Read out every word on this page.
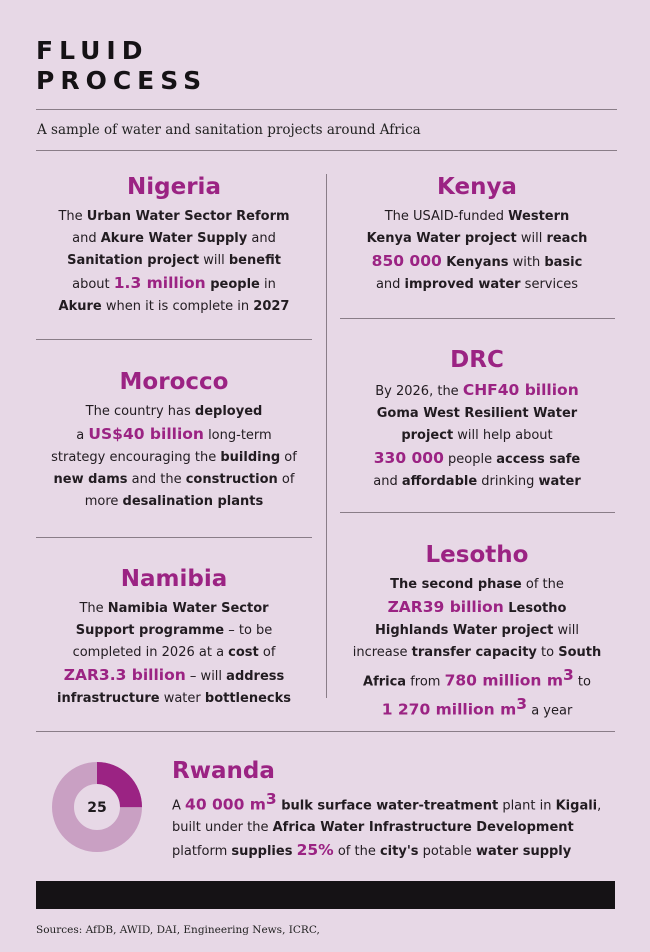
FLUID
PROCESS
A sample of water and sanitation projects around Africa
Nigeria

The Urban Water Sector Reform
and Akure Water Supply and
Sanitation project will benefit
about 1.3 million people in
Akure when it is complete in 2027

Kenya

The USAID-funded Western
Kenya Water project will reach
850 000 Kenyans with basic
and improved water services

Morocco

The country has deployed
a US$40 billion long-term
strategy encouraging the building of
new dams and the construction of
more desalination plants

DRC

By 2026, the CHF40 billion
Goma West Resilient Water
project will help about
330 000 people access safe
and affordable drinking water

Namibia

The Namibia Water Sector
Support programme – to be
completed in 2026 at a cost of
ZAR3.3 billion – will address
infrastructure water bottlenecks

Lesotho

The second phase of the
ZAR39 billion Lesotho
Highlands Water project will
increase transfer capacity to South
Africa from 780 million $m^3$ to
1 270 million $m^3$ a year

25
Rwanda

A 40 000 $m^3$ bulk surface water-treatment plant in Kigali,
built under the Africa Water Infrastructure Development
platform supplies 25% of the city's potable water supply

Sources: AfDB, AWID, DAI, Engineering News, ICRC,
